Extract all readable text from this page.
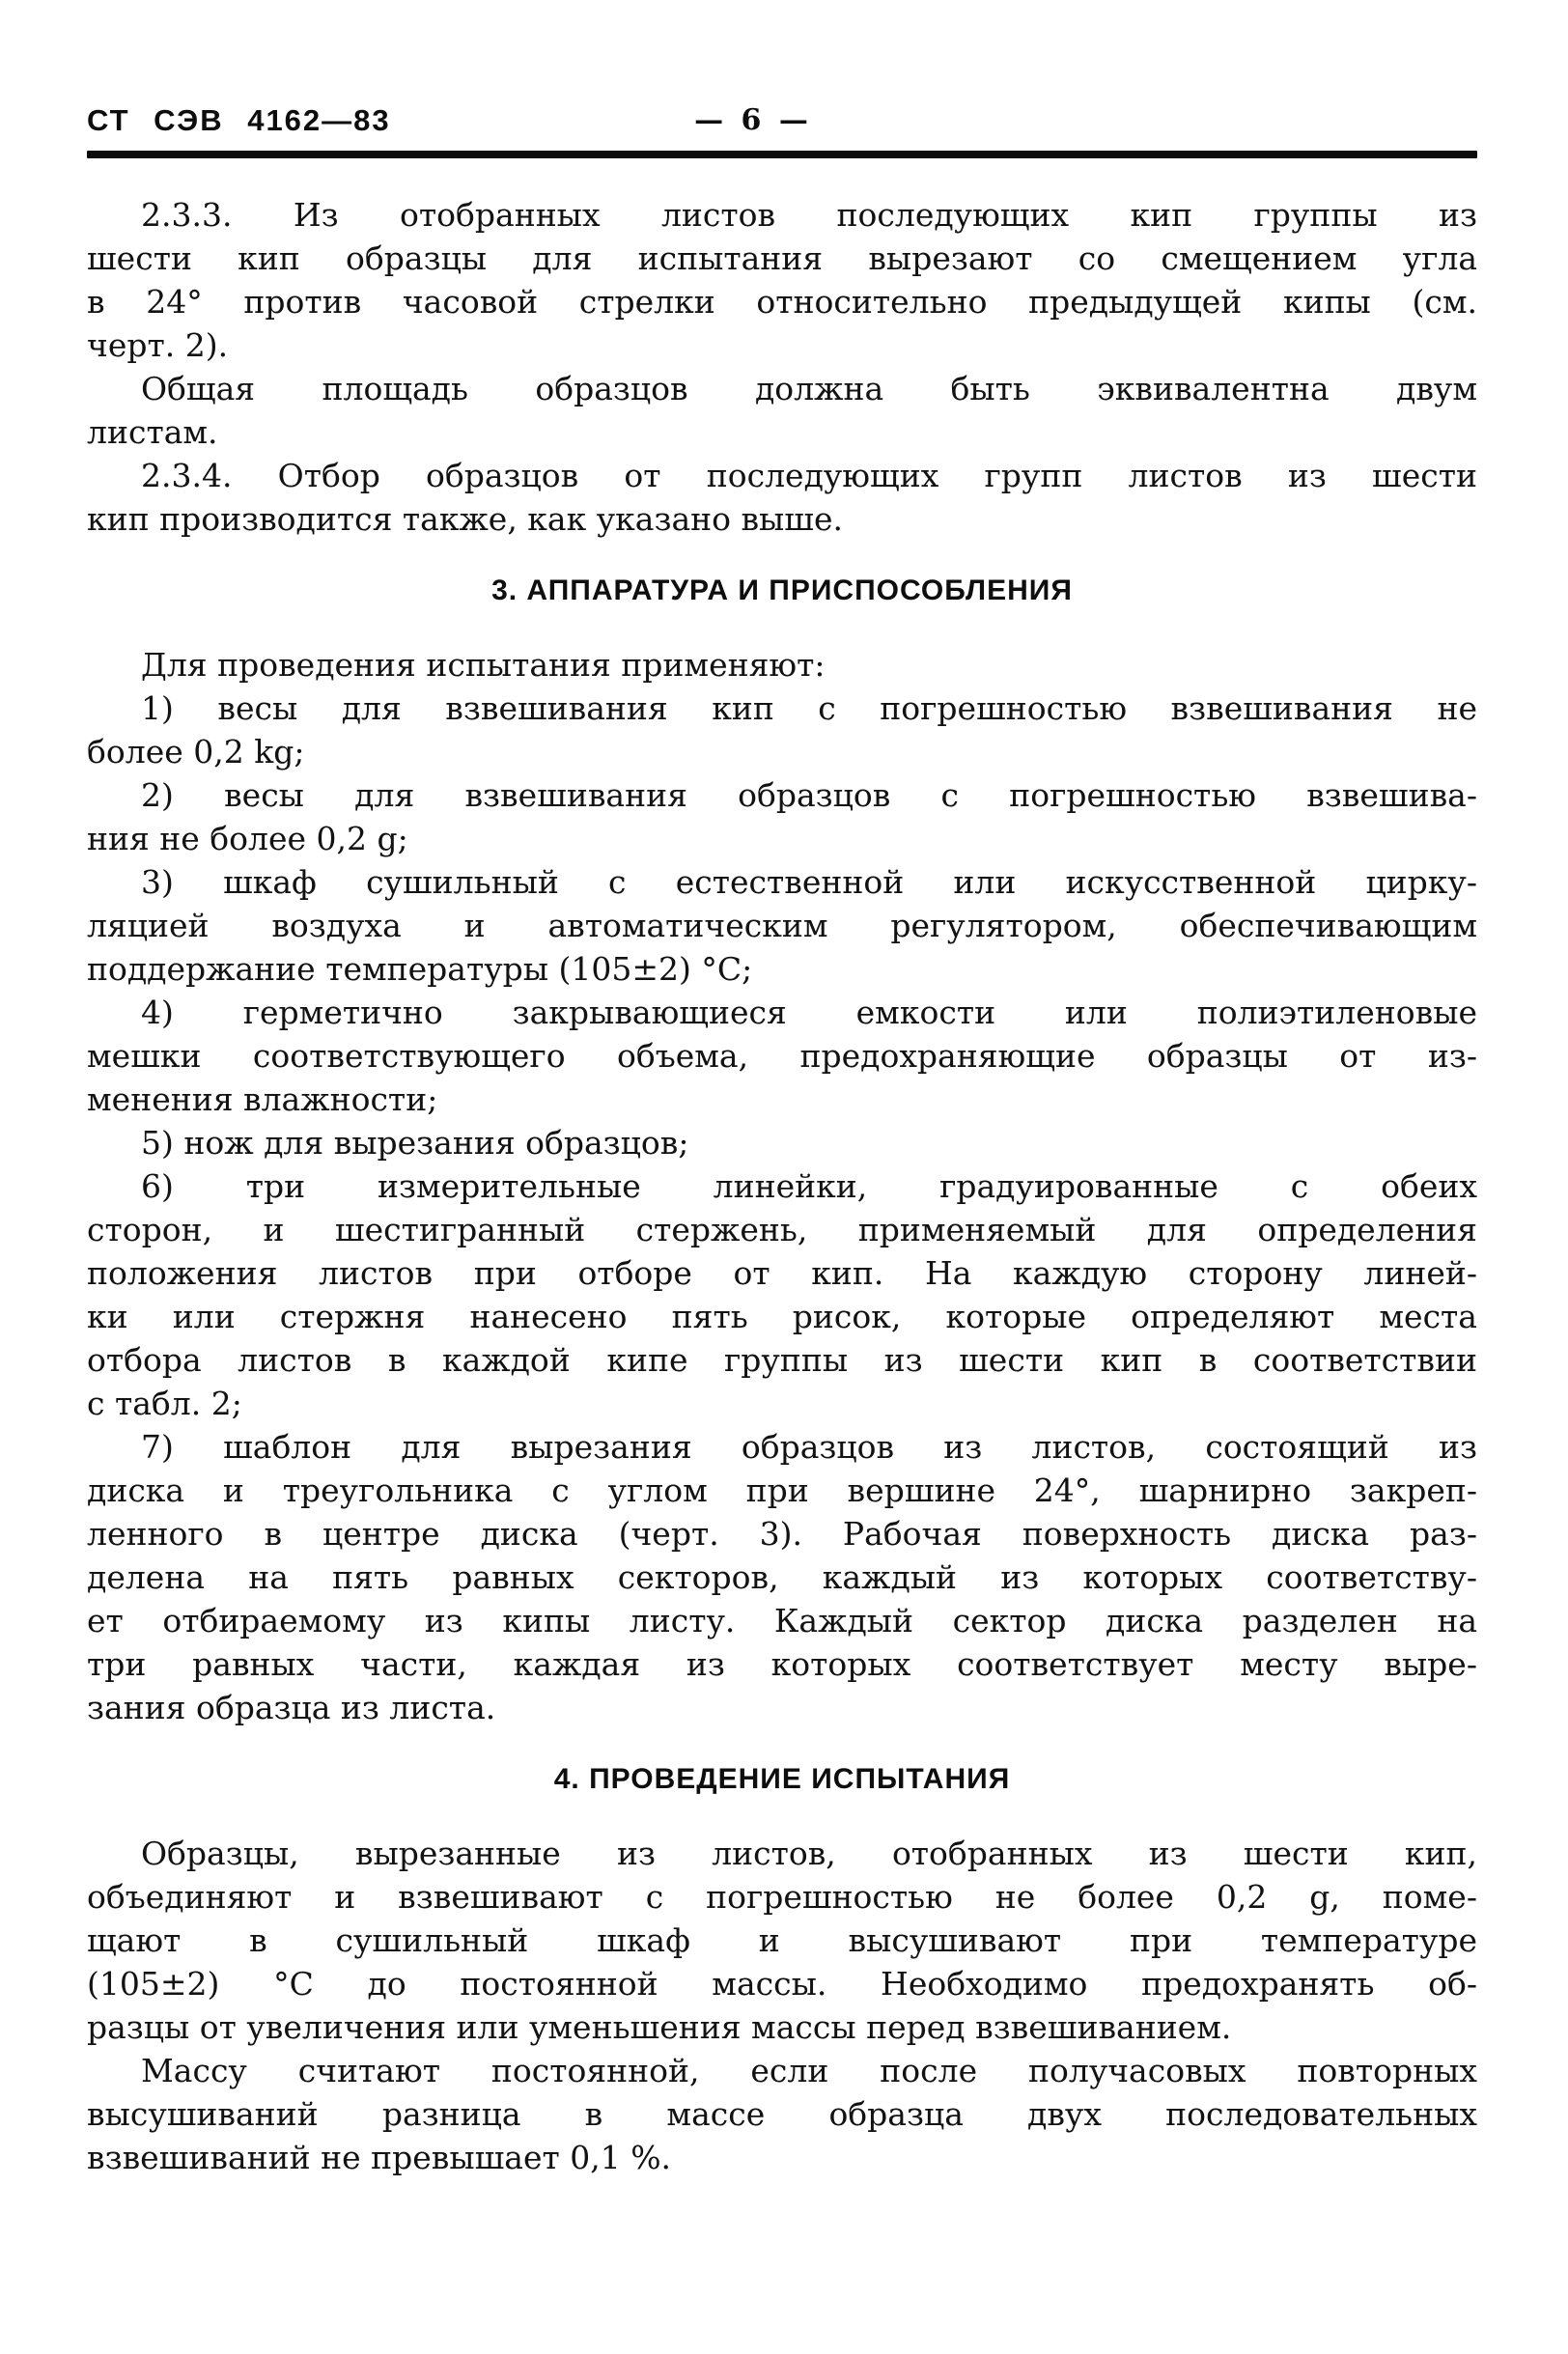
СТ СЭВ 4162—83	— 6 —
2.3.3. Из отобранных листов последующих кип группы из
шести кип образцы для испытания вырезают со смещением угла
в 24° против часовой стрелки относительно предыдущей кипы (см.
черт. 2).
Общая площадь образцов должна быть эквивалентна двум
листам.
2.3.4. Отбор образцов от последующих групп листов из шести
кип производится также, как указано выше.
3. АППАРАТУРА И ПРИСПОСОБЛЕНИЯ
Для проведения испытания применяют:
1) весы для взвешивания кип с погрешностью взвешивания не
более 0,2 kg;
2) весы для взвешивания образцов с погрешностью взвешива-
ния не более 0,2 g;
3) шкаф сушильный с естественной или искусственной цирку-
ляцией воздуха и автоматическим регулятором, обеспечивающим
поддержание температуры (105±2) °С;
4) герметично закрывающиеся емкости или полиэтиленовые
мешки соответствующего объема, предохраняющие образцы от из-
менения влажности;
5) нож для вырезания образцов;
6) три измерительные линейки, градуированные с обеих
сторон, и шестигранный стержень, применяемый для определения
положения листов при отборе от кип. На каждую сторону линей-
ки или стержня нанесено пять рисок, которые определяют места
отбора листов в каждой кипе группы из шести кип в соответствии
с табл. 2;
7) шаблон для вырезания образцов из листов, состоящий из
диска и треугольника с углом при вершине 24°, шарнирно закреп-
ленного в центре диска (черт. 3). Рабочая поверхность диска раз-
делена на пять равных секторов, каждый из которых соответству-
ет отбираемому из кипы листу. Каждый сектор диска разделен на
три равных части, каждая из которых соответствует месту выре-
зания образца из листа.
4. ПРОВЕДЕНИЕ ИСПЫТАНИЯ
Образцы, вырезанные из листов, отобранных из шести кип,
объединяют и взвешивают с погрешностью не более 0,2 g, поме-
щают в сушильный шкаф и высушивают при температуре
(105±2) °С до постоянной массы. Необходимо предохранять об-
разцы от увеличения или уменьшения массы перед взвешиванием.
Массу считают постоянной, если после получасовых повторных
высушиваний разница в массе образца двух последовательных
взвешиваний не превышает 0,1 %.
